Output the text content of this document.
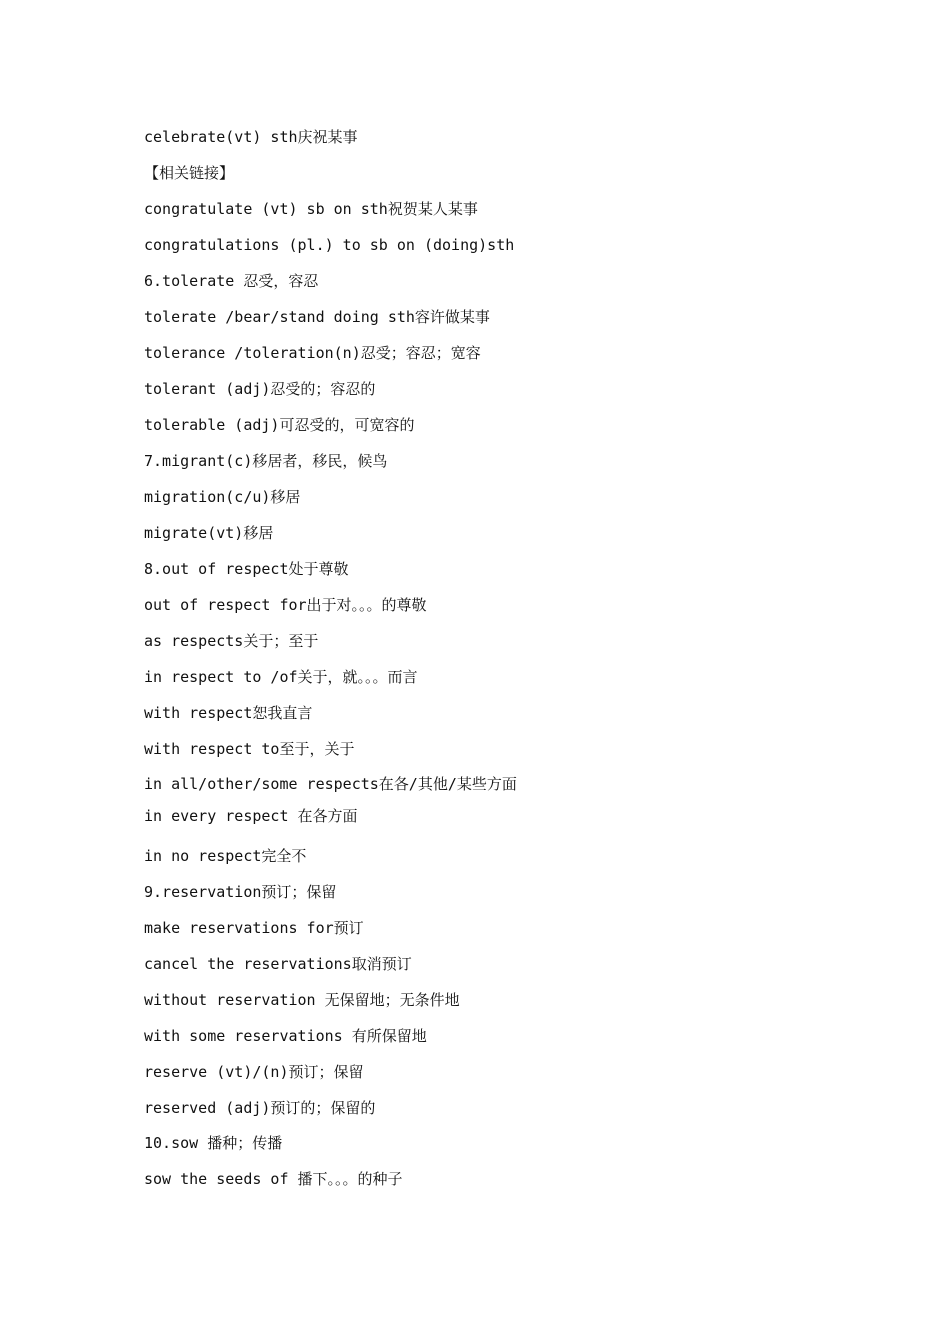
celebrate(vt) sth庆祝某事
【相关链接】
congratulate (vt) sb on sth祝贺某人某事
congratulations (pl.) to sb on (doing)sth
6.tolerate 忍受，容忍
tolerate /bear/stand doing sth容许做某事
tolerance /toleration(n)忍受；容忍；宽容
tolerant (adj)忍受的；容忍的
tolerable (adj)可忍受的，可宽容的
7.migrant(c)移居者，移民，候鸟
migration(c/u)移居
migrate(vt)移居
8.out of respect处于尊敬
out of respect for出于对。。。的尊敬
as respects关于；至于
in respect to /of关于，就。。。而言
with respect恕我直言
with respect to至于，关于
in all/other/some respects在各/其他/某些方面
in every respect 在各方面
in no respect完全不
9.reservation预订；保留
make reservations for预订
cancel the reservations取消预订
without reservation 无保留地；无条件地
with some reservations 有所保留地
reserve (vt)/(n)预订；保留
reserved (adj)预订的；保留的
10.sow 播种；传播
sow the seeds of 播下。。。的种子
